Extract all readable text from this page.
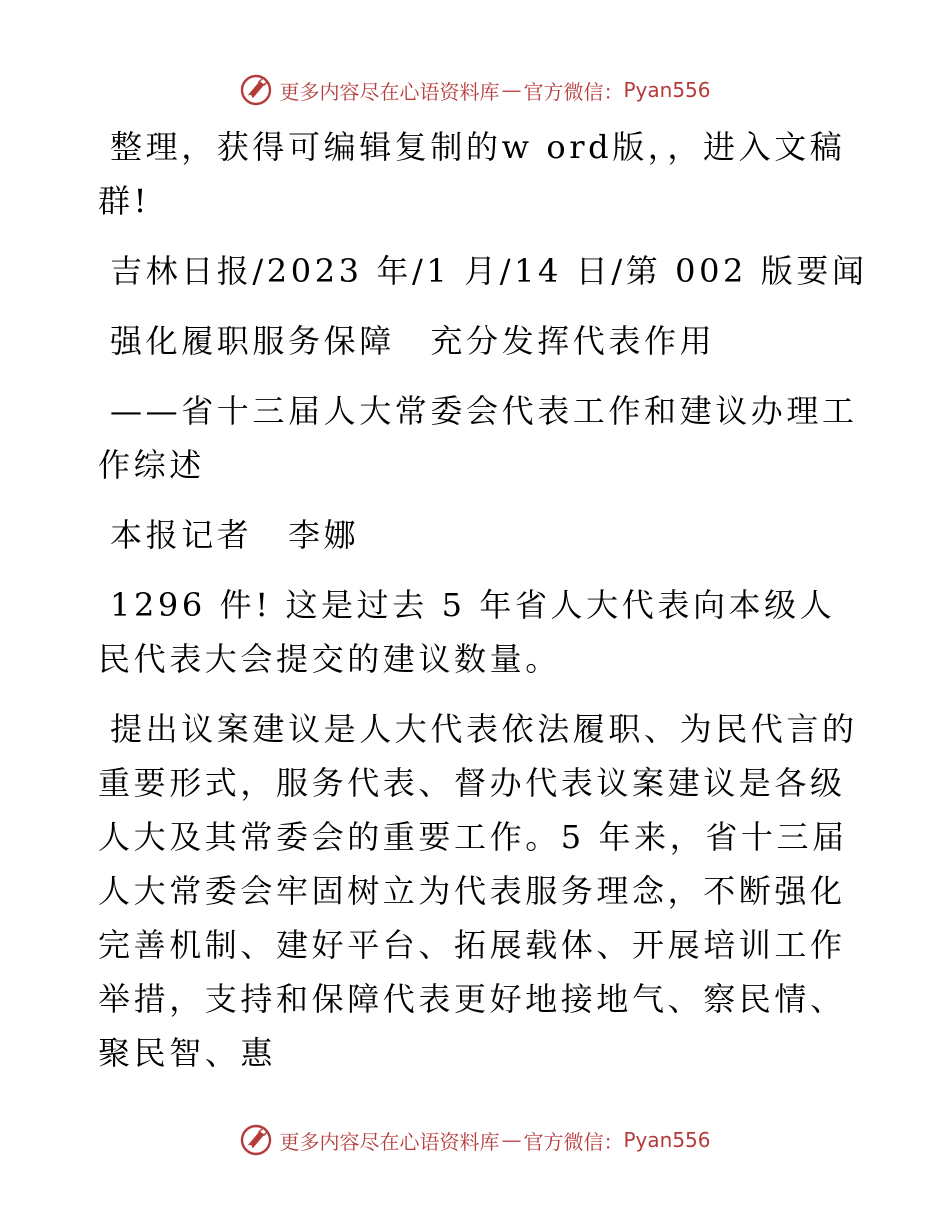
更多内容尽在心语资料库 — 官方微信： Pyan556

整理，获得可编辑复制的w ord版，，进入文稿群!

吉林日报/2023 年/1 月/14 日/第 002 版要闻

强化履职服务保障　充分发挥代表作用

——省十三届人大常委会代表工作和建议办理工作综述

本报记者　李娜

1296 件! 这是过去 5 年省人大代表向本级人民代表大会提交的建议数量。

提出议案建议是人大代表依法履职、为民代言的重要形式，服务代表、督办代表议案建议是各级人大及其常委会的重要工作。5 年来，省十三届人大常委会牢固树立为代表服务理念，不断强化完善机制、建好平台、拓展载体、开展培训工作举措，支持和保障代表更好地接地气、察民情、聚民智、惠

更多内容尽在心语资料库 — 官方微信： Pyan556
